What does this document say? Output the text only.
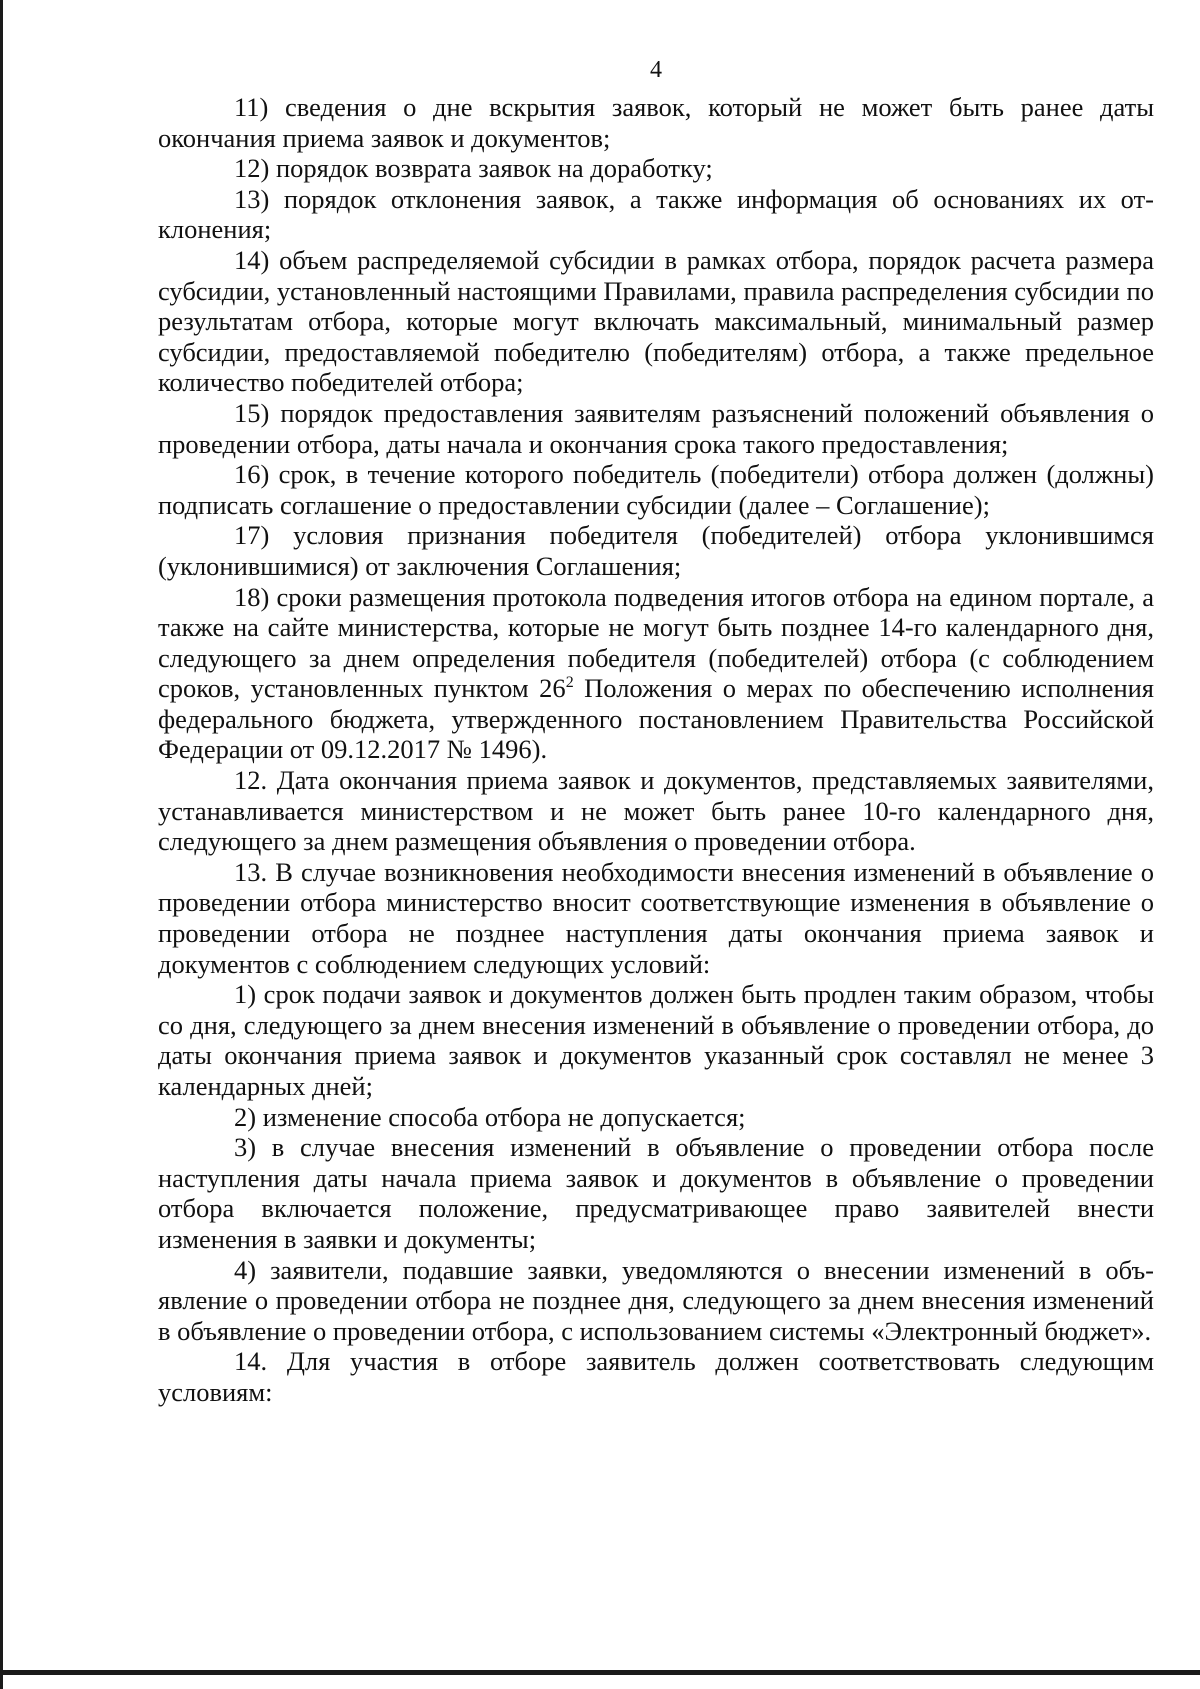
4

11) сведения о дне вскрытия заявок, который не может быть ранее даты окончания приема заявок и документов;

12) порядок возврата заявок на доработку;

13) порядок отклонения заявок, а также информация об основаниях их отклонения;

14) объем распределяемой субсидии в рамках отбора, порядок расчета размера субсидии, установленный настоящими Правилами, правила распределения субсидии по результатам отбора, которые могут включать максимальный, минимальный размер субсидии, предоставляемой победителю (победителям) отбора, а также предельное количество победителей отбора;

15) порядок предоставления заявителям разъяснений положений объявления о проведении отбора, даты начала и окончания срока такого предоставления;

16) срок, в течение которого победитель (победители) отбора должен (должны) подписать соглашение о предоставлении субсидии (далее – Соглашение);

17) условия признания победителя (победителей) отбора уклонившимся (уклонившимися) от заключения Соглашения;

18) сроки размещения протокола подведения итогов отбора на едином портале, а также на сайте министерства, которые не могут быть позднее 14-го календарного дня, следующего за днем определения победителя (победителей) отбора (с соблюдением сроков, установленных пунктом $26^2$ Положения о мерах по обеспечению исполнения федерального бюджета, утвержденного постановлением Правительства Российской Федерации от 09.12.2017 № 1496).

12. Дата окончания приема заявок и документов, представляемых заявителями, устанавливается министерством и не может быть ранее 10-го календарного дня, следующего за днем размещения объявления о проведении отбора.

13. В случае возникновения необходимости внесения изменений в объявление о проведении отбора министерство вносит соответствующие изменения в объявление о проведении отбора не позднее наступления даты окончания приема заявок и документов с соблюдением следующих условий:

1) срок подачи заявок и документов должен быть продлен таким образом, чтобы со дня, следующего за днем внесения изменений в объявление о проведении отбора, до даты окончания приема заявок и документов указанный срок составлял не менее 3 календарных дней;

2) изменение способа отбора не допускается;

3) в случае внесения изменений в объявление о проведении отбора после наступления даты начала приема заявок и документов в объявление о проведении отбора включается положение, предусматривающее право заявителей внести изменения в заявки и документы;

4) заявители, подавшие заявки, уведомляются о внесении изменений в объявление о проведении отбора не позднее дня, следующего за днем внесения изменений в объявление о проведении отбора, с использованием системы «Электронный бюджет».

14. Для участия в отборе заявитель должен соответствовать следующим условиям:
